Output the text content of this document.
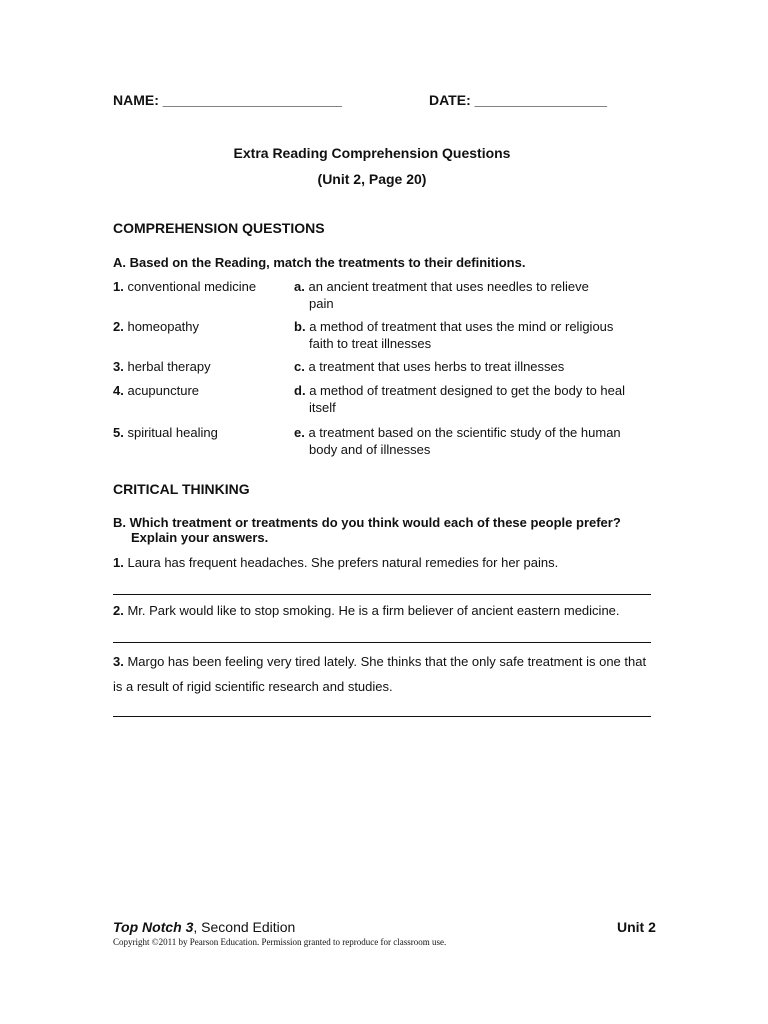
NAME: _______________________	DATE: _________________
Extra Reading Comprehension Questions
(Unit 2, Page 20)
COMPREHENSION QUESTIONS
A. Based on the Reading, match the treatments to their definitions.
1. conventional medicine
2. homeopathy
3. herbal therapy
4. acupuncture
5. spiritual healing
a. an ancient treatment that uses needles to relieve
pain
b. a method of treatment that uses the mind or religious
faith to treat illnesses
c. a treatment that uses herbs to treat illnesses
d. a method of treatment designed to get the body to heal
itself
e. a treatment based on the scientific study of the human
body and of illnesses
CRITICAL THINKING
B. Which treatment or treatments do you think would each of these people prefer?
Explain your answers.
1. Laura has frequent headaches. She prefers natural remedies for her pains.
2. Mr. Park would like to stop smoking. He is a firm believer of ancient eastern medicine.
3. Margo has been feeling very tired lately. She thinks that the only safe treatment is one that is a result of rigid scientific research and studies.
Top Notch 3, Second Edition	Unit 2
Copyright ©2011 by Pearson Education. Permission granted to reproduce for classroom use.
